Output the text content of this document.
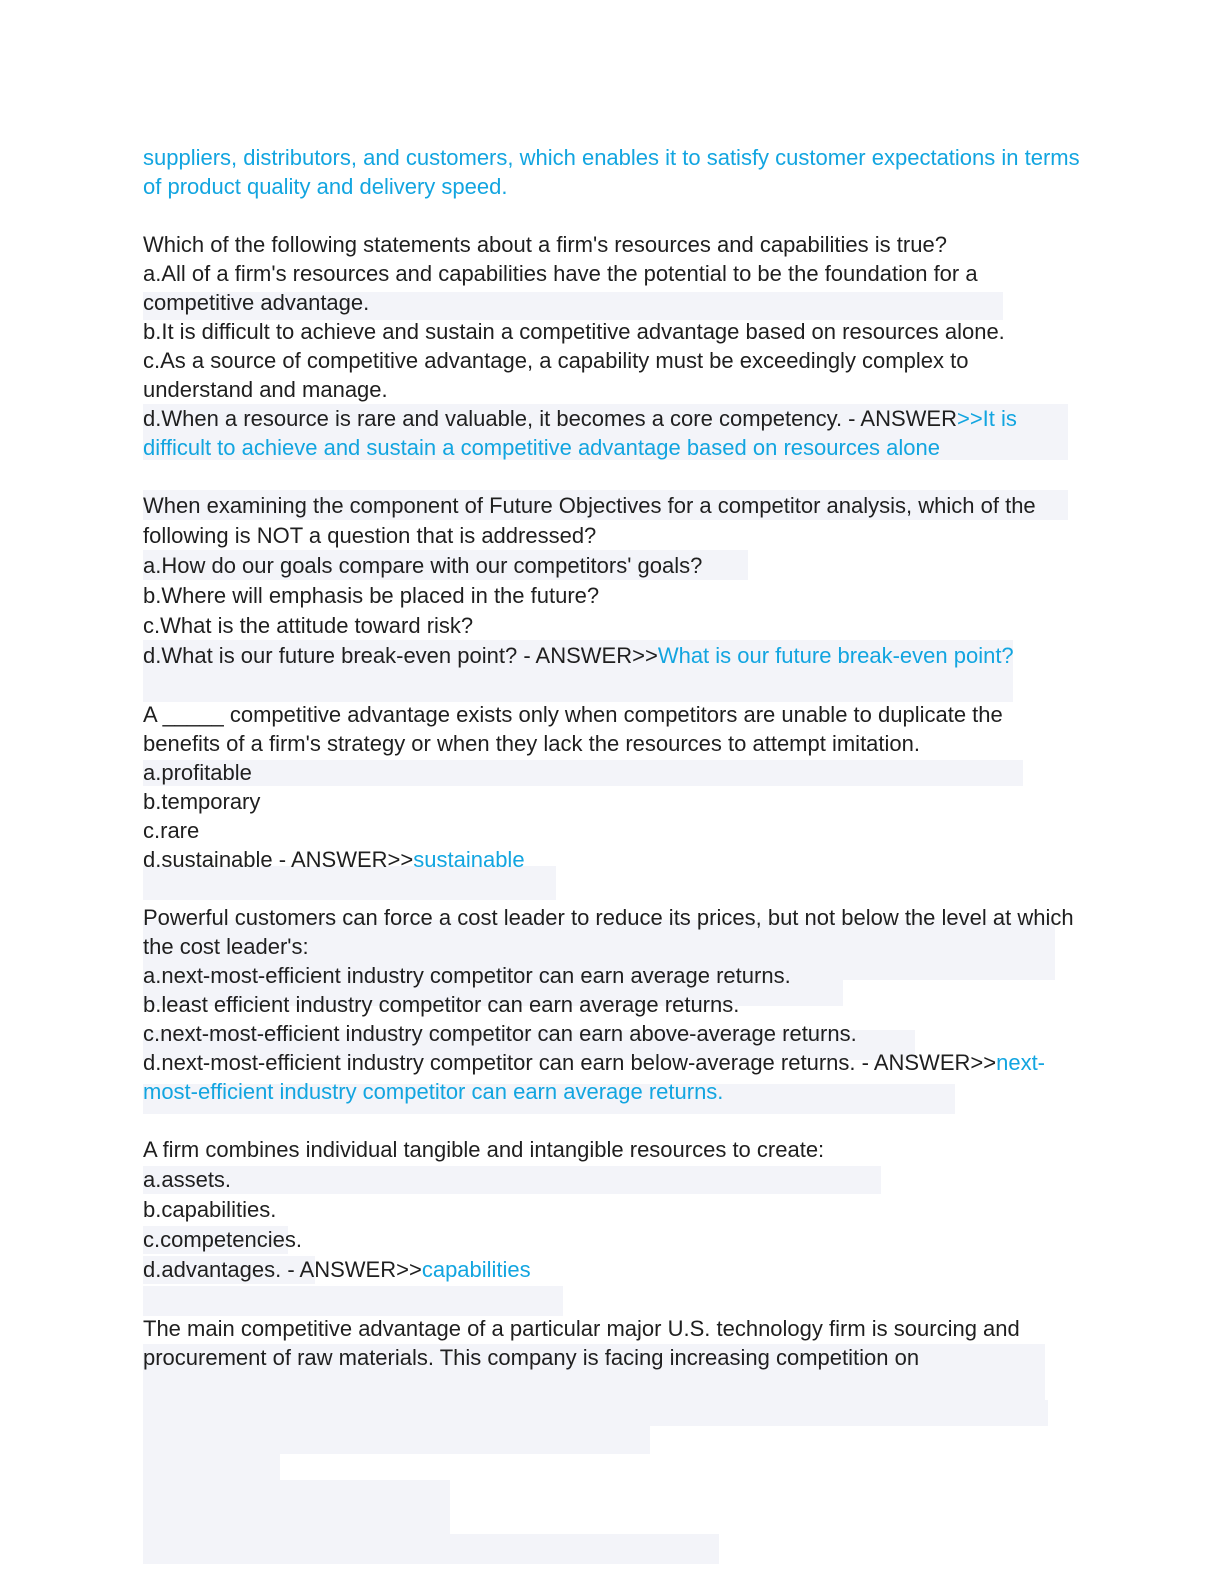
suppliers, distributors, and customers, which enables it to satisfy customer expectations in terms of product quality and delivery speed.

Which of the following statements about a firm's resources and capabilities is true?

a.All of a firm's resources and capabilities have the potential to be the foundation for a competitive advantage.

b.It is difficult to achieve and sustain a competitive advantage based on resources alone.

c.As a source of competitive advantage, a capability must be exceedingly complex to understand and manage.

d.When a resource is rare and valuable, it becomes a core competency. - ANSWER>>It is difficult to achieve and sustain a competitive advantage based on resources alone

When examining the component of Future Objectives for a competitor analysis, which of the following is NOT a question that is addressed?

a.How do our goals compare with our competitors' goals?

b.Where will emphasis be placed in the future?

c.What is the attitude toward risk?

d.What is our future break-even point? - ANSWER>>What is our future break-even point?

A _____ competitive advantage exists only when competitors are unable to duplicate the benefits of a firm's strategy or when they lack the resources to attempt imitation.

a.profitable

b.temporary

c.rare

d.sustainable - ANSWER>>sustainable

Powerful customers can force a cost leader to reduce its prices, but not below the level at which the cost leader's:

a.next-most-efficient industry competitor can earn average returns.

b.least efficient industry competitor can earn average returns.

c.next-most-efficient industry competitor can earn above-average returns.

d.next-most-efficient industry competitor can earn below-average returns. - ANSWER>>next-most-efficient industry competitor can earn average returns.

A firm combines individual tangible and intangible resources to create:

a.assets.

b.capabilities.

c.competencies.

d.advantages. - ANSWER>>capabilities

The main competitive advantage of a particular major U.S. technology firm is sourcing and procurement of raw materials. This company is facing increasing competition on
